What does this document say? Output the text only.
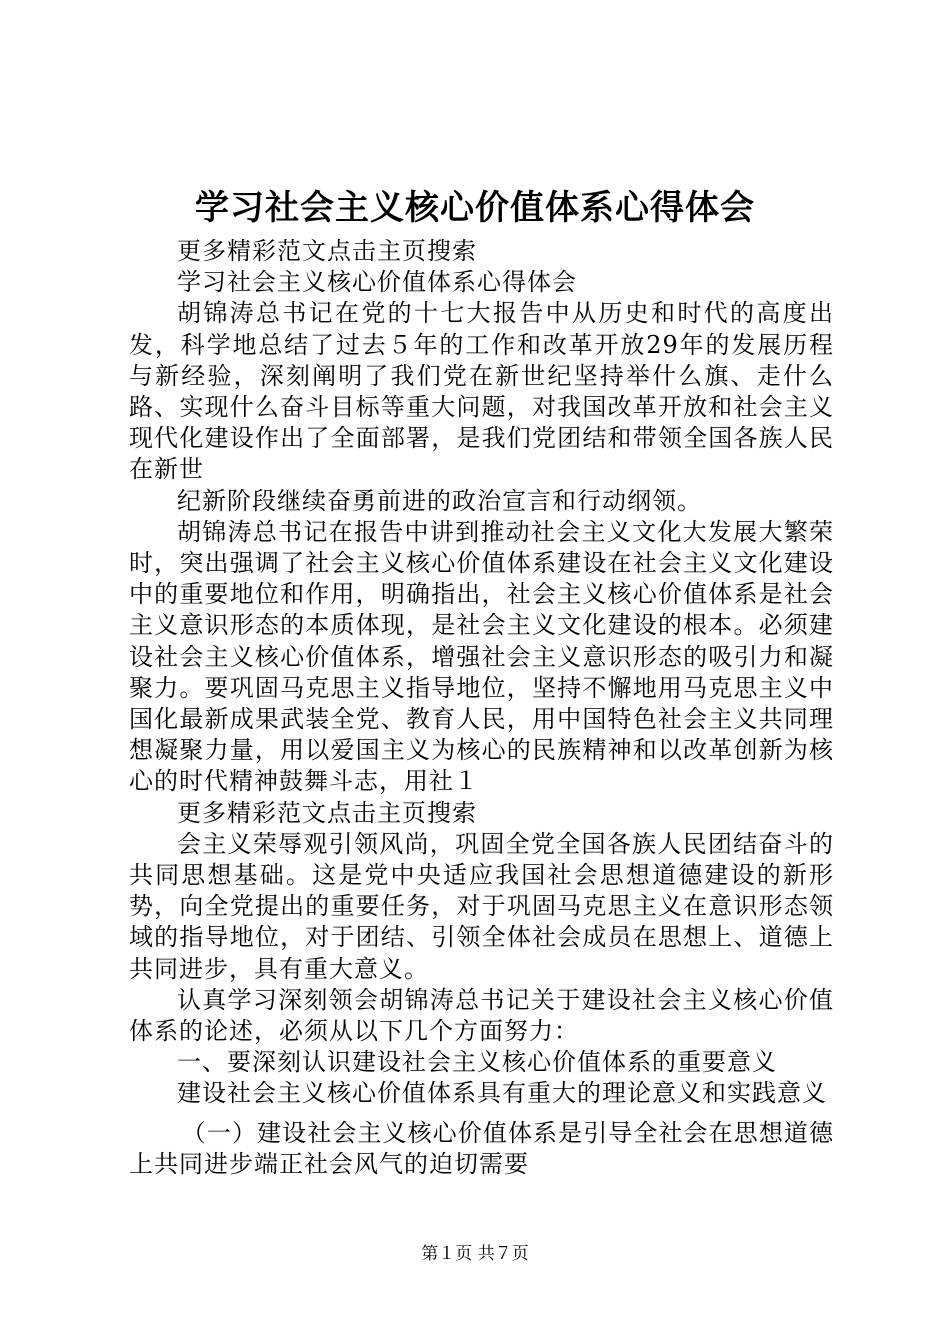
学习社会主义核心价值体系心得体会

更多精彩范文点击主页搜索

学习社会主义核心价值体系心得体会

胡锦涛总书记在党的十七大报告中从历史和时代的高度出发，科学地总结了过去５年的工作和改革开放29年的发展历程与新经验，深刻阐明了我们党在新世纪坚持举什么旗、走什么路、实现什么奋斗目标等重大问题，对我国改革开放和社会主义现代化建设作出了全面部署，是我们党团结和带领全国各族人民在新世

纪新阶段继续奋勇前进的政治宣言和行动纲领。

胡锦涛总书记在报告中讲到推动社会主义文化大发展大繁荣时，突出强调了社会主义核心价值体系建设在社会主义文化建设中的重要地位和作用，明确指出，社会主义核心价值体系是社会主义意识形态的本质体现，是社会主义文化建设的根本。必须建设社会主义核心价值体系，增强社会主义意识形态的吸引力和凝聚力。要巩固马克思主义指导地位，坚持不懈地用马克思主义中国化最新成果武装全党、教育人民，用中国特色社会主义共同理想凝聚力量，用以爱国主义为核心的民族精神和以改革创新为核心的时代精神鼓舞斗志，用社１

更多精彩范文点击主页搜索

会主义荣辱观引领风尚，巩固全党全国各族人民团结奋斗的共同思想基础。这是党中央适应我国社会思想道德建设的新形势，向全党提出的重要任务，对于巩固马克思主义在意识形态领域的指导地位，对于团结、引领全体社会成员在思想上、道德上共同进步，具有重大意义。

认真学习深刻领会胡锦涛总书记关于建设社会主义核心价值体系的论述，必须从以下几个方面努力：

一、要深刻认识建设社会主义核心价值体系的重要意义

建设社会主义核心价值体系具有重大的理论意义和实践意义

（一）建设社会主义核心价值体系是引导全社会在思想道德上共同进步端正社会风气的迫切需要

第１页 共７页
